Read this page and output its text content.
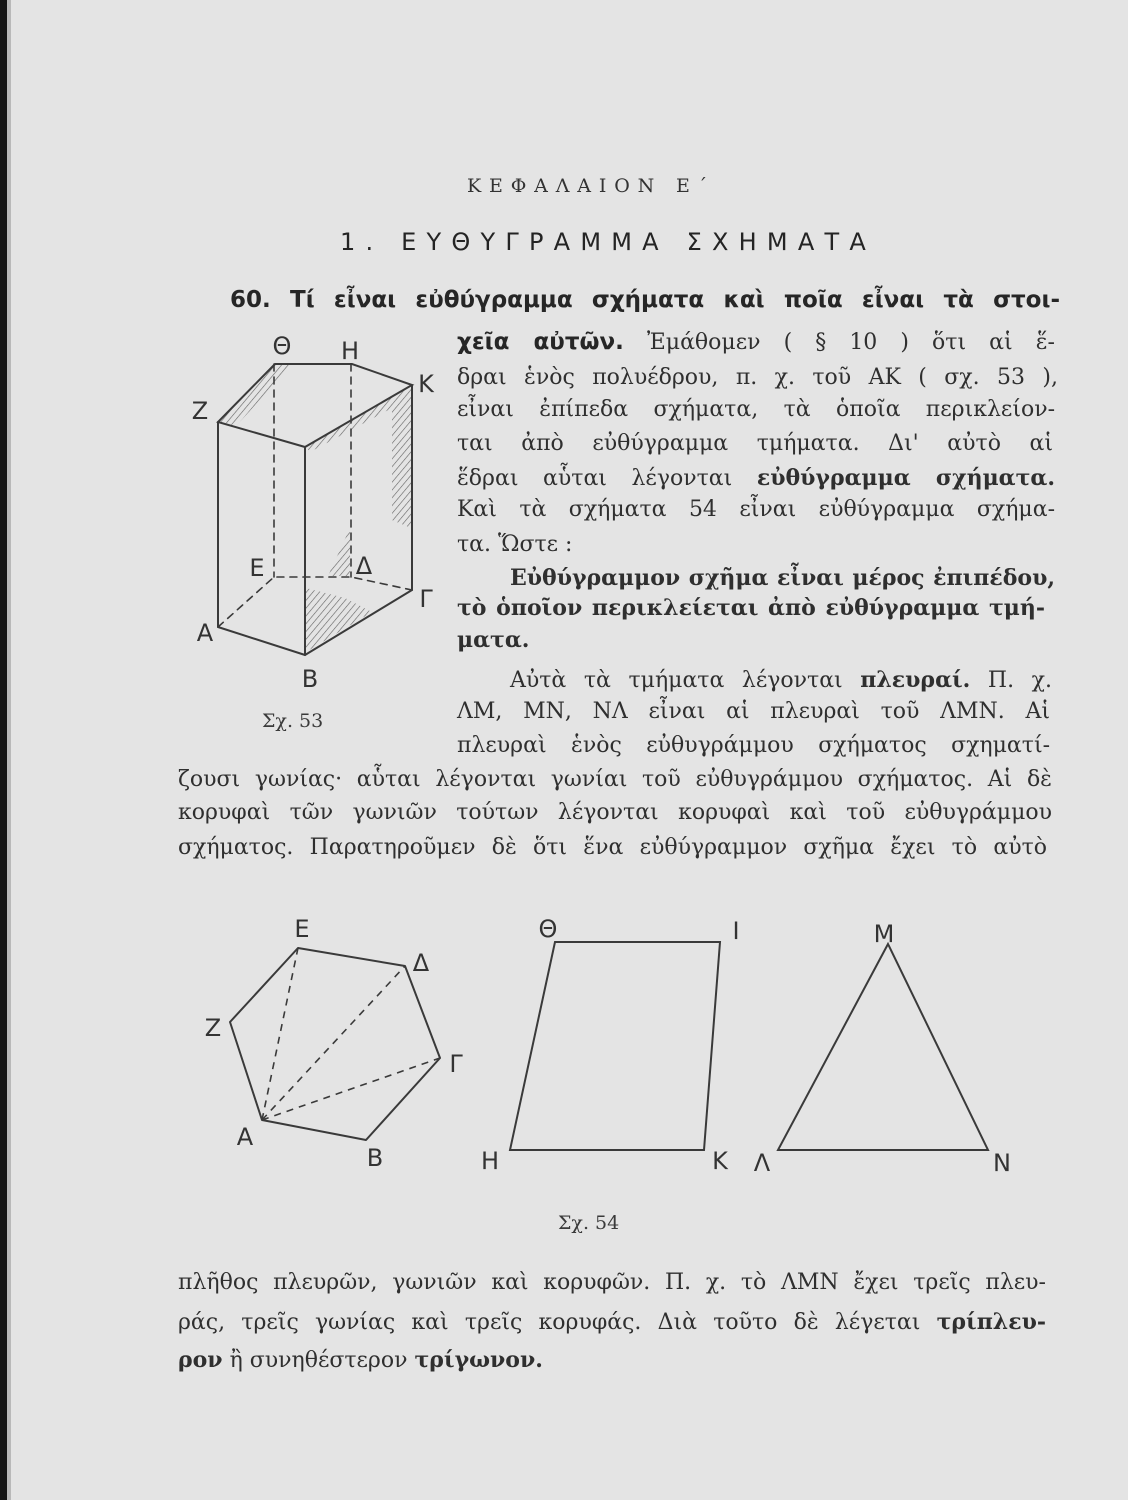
ΚΕΦΑΛΑΙΟΝ Ε΄
1. ΕΥΘΥΓΡΑΜΜΑ ΣΧΗΜΑΤΑ
60. Τί εἶναι εὐθύγραμμα σχήματα καὶ ποῖα εἶναι τὰ στοι-
χεῖα αὐτῶν. Ἐμάθομεν ( § 10 ) ὅτι αἱ ἕ-
δραι ἑνὸς πολυέδρου, π. χ. τοῦ ΑΚ ( σχ. 53 ),
εἶναι ἐπίπεδα σχήματα, τὰ ὁποῖα περικλείον-
ται ἀπὸ εὐθύγραμμα τμήματα. Δι' αὐτὸ αἱ
ἕδραι αὗται λέγονται εὐθύγραμμα σχήματα.
Καὶ τὰ σχήματα 54 εἶναι εὐθύγραμμα σχήμα-
τα. Ὥστε :
Εὐθύγραμμον σχῆμα εἶναι μέρος ἐπιπέδου,
τὸ ὁποῖον περικλείεται ἀπὸ εὐθύγραμμα τμή-
ματα.
Αὐτὰ τὰ τμήματα λέγονται πλευραί. Π. χ.
ΛΜ, ΜΝ, ΝΛ εἶναι αἱ πλευραὶ τοῦ ΛΜΝ. Αἱ
πλευραὶ ἑνὸς εὐθυγράμμου σχήματος σχηματί-
ζουσι γωνίας· αὗται λέγονται γωνίαι τοῦ εὐθυγράμμου σχήματος. Αἱ δὲ
κορυφαὶ τῶν γωνιῶν τούτων λέγονται κορυφαὶ καὶ τοῦ εὐθυγράμμου
σχήματος. Παρατηροῦμεν δὲ ὅτι ἕνα εὐθύγραμμον σχῆμα ἔχει τὸ αὐτὸ
πλῆθος πλευρῶν, γωνιῶν καὶ κορυφῶν. Π. χ. τὸ ΛΜΝ ἔχει τρεῖς πλευ-
ράς, τρεῖς γωνίας καὶ τρεῖς κορυφάς. Διὰ τοῦτο δὲ λέγεται τρίπλευ-
ρον ἢ συνηθέστερον τρίγωνον.
Σχ. 53
Σχ. 54
Θ Η
Κ
Ζ
Ε	Δ
Γ
Α
Β
Ε
Δ
Ζ
Γ
Α
Β
Θ	Ι
Η	Κ
Μ
Λ	Ν
